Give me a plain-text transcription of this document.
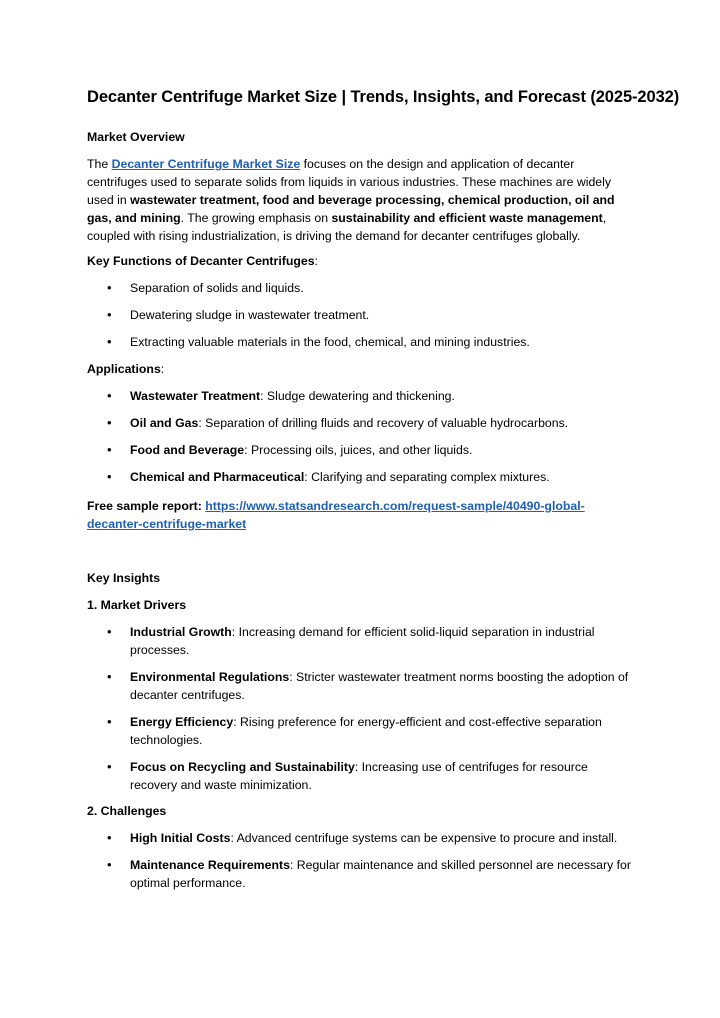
Decanter Centrifuge Market Size | Trends, Insights, and Forecast (2025-2032)

Market Overview

The Decanter Centrifuge Market Size focuses on the design and application of decanter centrifuges used to separate solids from liquids in various industries. These machines are widely used in wastewater treatment, food and beverage processing, chemical production, oil and gas, and mining. The growing emphasis on sustainability and efficient waste management, coupled with rising industrialization, is driving the demand for decanter centrifuges globally.

Key Functions of Decanter Centrifuges:

• Separation of solids and liquids.
• Dewatering sludge in wastewater treatment.
• Extracting valuable materials in the food, chemical, and mining industries.

Applications:

• Wastewater Treatment: Sludge dewatering and thickening.
• Oil and Gas: Separation of drilling fluids and recovery of valuable hydrocarbons.
• Food and Beverage: Processing oils, juices, and other liquids.
• Chemical and Pharmaceutical: Clarifying and separating complex mixtures.

Free sample report: https://www.statsandresearch.com/request-sample/40490-global-decanter-centrifuge-market

Key Insights

1. Market Drivers

• Industrial Growth: Increasing demand for efficient solid-liquid separation in industrial processes.
• Environmental Regulations: Stricter wastewater treatment norms boosting the adoption of decanter centrifuges.
• Energy Efficiency: Rising preference for energy-efficient and cost-effective separation technologies.
• Focus on Recycling and Sustainability: Increasing use of centrifuges for resource recovery and waste minimization.

2. Challenges

• High Initial Costs: Advanced centrifuge systems can be expensive to procure and install.
• Maintenance Requirements: Regular maintenance and skilled personnel are necessary for optimal performance.
